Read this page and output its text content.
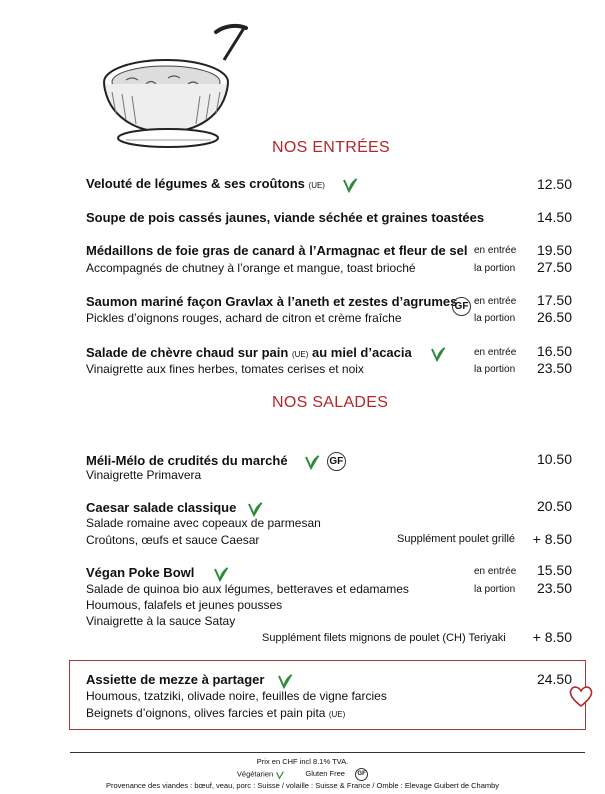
NOS ENTRÉES
Velouté de légumes & ses croûtons (UE)	12.50
Soupe de pois cassés jaunes, viande séchée et graines toastées	14.50
Médaillons de foie gras de canard à l’Armagnac et fleur de sel
Accompagnés de chutney à l’orange et mangue, toast brioché
en entrée	19.50
la portion	27.50
Saumon mariné façon Gravlax à l’aneth et zestes d’agrumes
GF
Pickles d’oignons rouges, achard de citron et crème fraîche
en entrée	17.50
la portion	26.50
Salade de chèvre chaud sur pain (UE) au miel d’acacia
Vinaigrette aux fines herbes, tomates cerises et noix
en entrée	16.50
la portion	23.50
NOS SALADES
Méli-Mélo de crudités du marché	GF
Vinaigrette Primavera
10.50
Caesar salade classique
Salade romaine avec copeaux de parmesan
Croûtons, œufs et sauce Caesar
20.50
Supplément poulet grillé	+ 8.50
Végan Poke Bowl
Salade de quinoa bio aux légumes, betteraves et edamames
Houmous, falafels et jeunes pousses
Vinaigrette à la sauce Satay
en entrée	15.50
la portion	23.50
Supplément filets mignons de poulet (CH) Teriyaki	+ 8.50
Assiette de mezze à partager
Houmous, tzatziki, olivade noire, feuilles de vigne farcies
Beignets d’oignons, olives farcies et pain pita (UE)
24.50
Prix en CHF incl 8.1% TVA.
Végétarien	Gluten Free GF
Provenance des viandes : bœuf, veau, porc : Suisse / volaille : Suisse & France / Omble : Elevage Guibert de Chamby
